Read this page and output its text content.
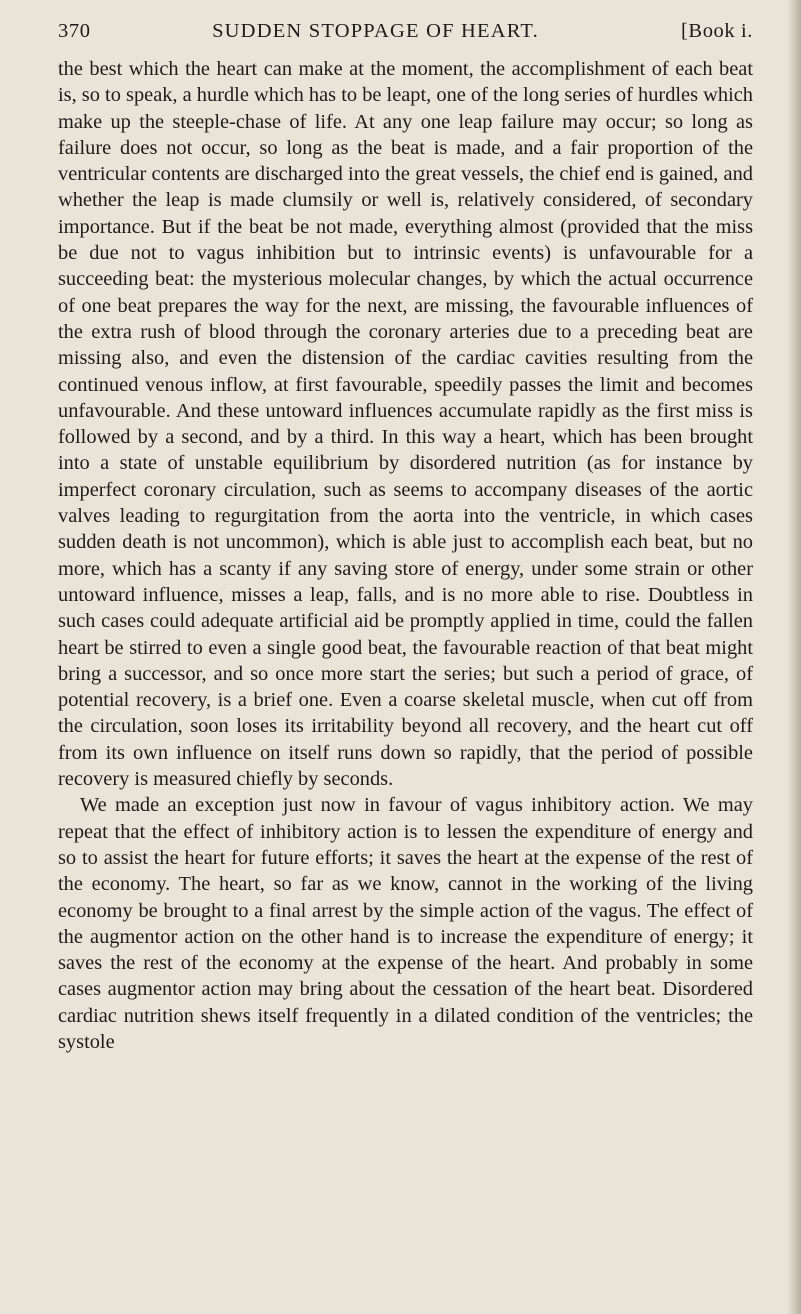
370	SUDDEN STOPPAGE OF HEART.	[Book i.

the best which the heart can make at the moment, the accomplishment of each beat is, so to speak, a hurdle which has to be leapt, one of the long series of hurdles which make up the steeple-chase of life. At any one leap failure may occur; so long as failure does not occur, so long as the beat is made, and a fair proportion of the ventricular contents are discharged into the great vessels, the chief end is gained, and whether the leap is made clumsily or well is, relatively considered, of secondary importance. But if the beat be not made, everything almost (provided that the miss be due not to vagus inhibition but to intrinsic events) is unfavourable for a succeeding beat: the mysterious molecular changes, by which the actual occurrence of one beat prepares the way for the next, are missing, the favourable influences of the extra rush of blood through the coronary arteries due to a preceding beat are missing also, and even the distension of the cardiac cavities resulting from the continued venous inflow, at first favourable, speedily passes the limit and becomes unfavourable. And these untoward influences accumulate rapidly as the first miss is followed by a second, and by a third. In this way a heart, which has been brought into a state of unstable equilibrium by disordered nutrition (as for instance by imperfect coronary circulation, such as seems to accompany diseases of the aortic valves leading to regurgitation from the aorta into the ventricle, in which cases sudden death is not uncommon), which is able just to accomplish each beat, but no more, which has a scanty if any saving store of energy, under some strain or other untoward influence, misses a leap, falls, and is no more able to rise. Doubtless in such cases could adequate artificial aid be promptly applied in time, could the fallen heart be stirred to even a single good beat, the favourable reaction of that beat might bring a successor, and so once more start the series; but such a period of grace, of potential recovery, is a brief one. Even a coarse skeletal muscle, when cut off from the circulation, soon loses its irritability beyond all recovery, and the heart cut off from its own influence on itself runs down so rapidly, that the period of possible recovery is measured chiefly by seconds.

We made an exception just now in favour of vagus inhibitory action. We may repeat that the effect of inhibitory action is to lessen the expenditure of energy and so to assist the heart for future efforts; it saves the heart at the expense of the rest of the economy. The heart, so far as we know, cannot in the working of the living economy be brought to a final arrest by the simple action of the vagus. The effect of the augmentor action on the other hand is to increase the expenditure of energy; it saves the rest of the economy at the expense of the heart. And probably in some cases augmentor action may bring about the cessation of the heart beat. Disordered cardiac nutrition shews itself frequently in a dilated condition of the ventricles; the systole
